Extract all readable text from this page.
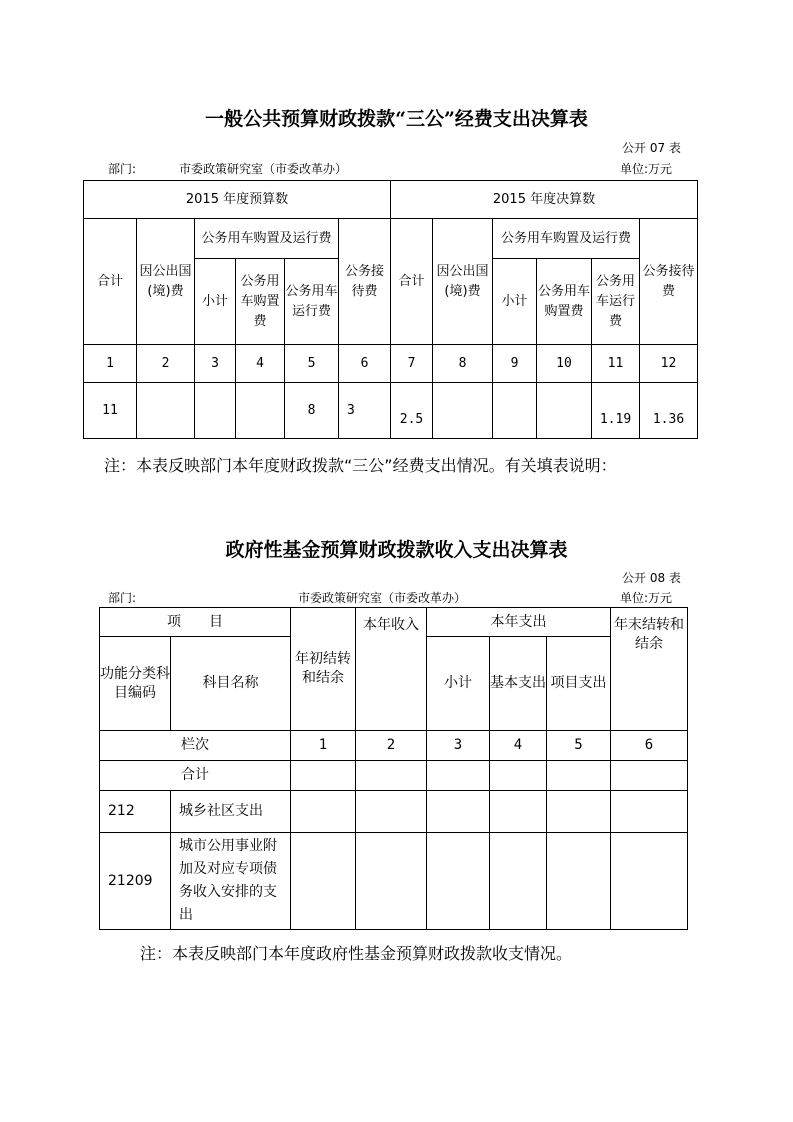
一般公共预算财政拨款“三公”经费支出决算表
公开 07 表
部门:	市委政策研究室（市委改革办）	单位:万元
2015 年度预算数						2015 年度决算数					
合计	因公出国(境)费	公务用车购置及运行费			公务接待费	合计	因公出国(境)费	公务用车购置及运行费			公务接待费
		小计	公务用车购置费	公务用车运行费				小计	公务用车购置费	公务用车运行费	
1	2	3	4	5	6	7	8	9	10	11	12
11				8	3	2.5				1.19	1.36
注：本表反映部门本年度财政拨款“三公”经费支出情况。有关填表说明：
政府性基金预算财政拨款收入支出决算表
公开 08 表
部门:	市委政策研究室（市委改革办）	单位:万元
项　　目		年初结转和结余	本年收入	本年支出			年末结转和结余
功能分类科目编码	科目名称			小计	基本支出	项目支出	
栏次		1	2	3	4	5	6
合计							
212	城乡社区支出						
21209	城市公用事业附加及对应专项债务收入安排的支出						
注：本表反映部门本年度政府性基金预算财政拨款收支情况。
